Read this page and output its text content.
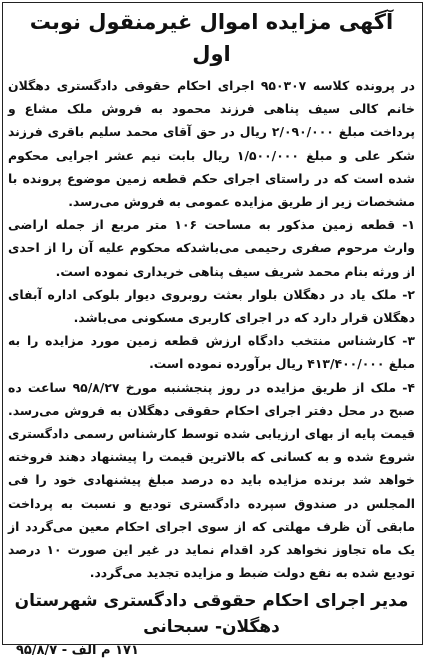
آگهی مزایده اموال غیرمنقول نوبت اول

در پرونده کلاسه ۹۵۰۳۰۷ اجرای احکام حقوقی دادگستری دهگلان خانم کالی سیف پناهی فرزند محمود به فروش ملک مشاع و پرداخت مبلغ ۲/۰۹۰/۰۰۰ ریال در حق آقای محمد سلیم باقری فرزند شکر علی و مبلغ ۱/۵۰۰/۰۰۰ ریال بابت نیم عشر اجرایی محکوم شده است که در راستای اجرای حکم قطعه زمین موضوع پرونده با مشخصات زیر از طریق مزایده عمومی به فروش می‌رسد.

۱- قطعه زمین مذکور به مساحت ۱۰۶ متر مربع از جمله اراضی وارث مرحوم صفری رحیمی می‌باشدکه محکوم علیه آن را از احدی از ورثه بنام محمد شریف سیف پناهی خریداری نموده است.

۲- ملک یاد در دهگلان بلوار بعثت روبروی دیوار بلوکی اداره آبفای دهگلان قرار دارد که در اجرای کاربری مسکونی می‌باشد.

۳- کارشناس منتخب دادگاه ارزش قطعه زمین مورد مزایده را به مبلغ ۴۱۳/۴۰۰/۰۰۰ ریال برآورده نموده است.

۴- ملک از طریق مزایده در روز پنجشنبه مورخ ۹۵/۸/۲۷ ساعت ده صبح در محل دفتر اجرای احکام حقوقی دهگلان به فروش می‌رسد. قیمت پایه از بهای ارزیابی شده توسط کارشناس رسمی دادگستری شروع شده و به کسانی که بالاترین قیمت را پیشنهاد دهند فروخته خواهد شد برنده مزایده باید ده درصد مبلغ پیشنهادی خود را فی المجلس در صندوق سپرده دادگستری تودیع و نسبت به پرداخت مابقی آن ظرف مهلتی که از سوی اجرای احکام معین می‌گردد از یک ماه تجاوز نخواهد کرد اقدام نماید در غیر این صورت ۱۰ درصد تودیع شده به نفع دولت ضبط و مزایده تجدید می‌گردد.

مدیر اجرای احکام حقوقی دادگستری شهرستان
دهگلان- سبحانی
۱۷۱ م الف - ۹۵/۸/۷
